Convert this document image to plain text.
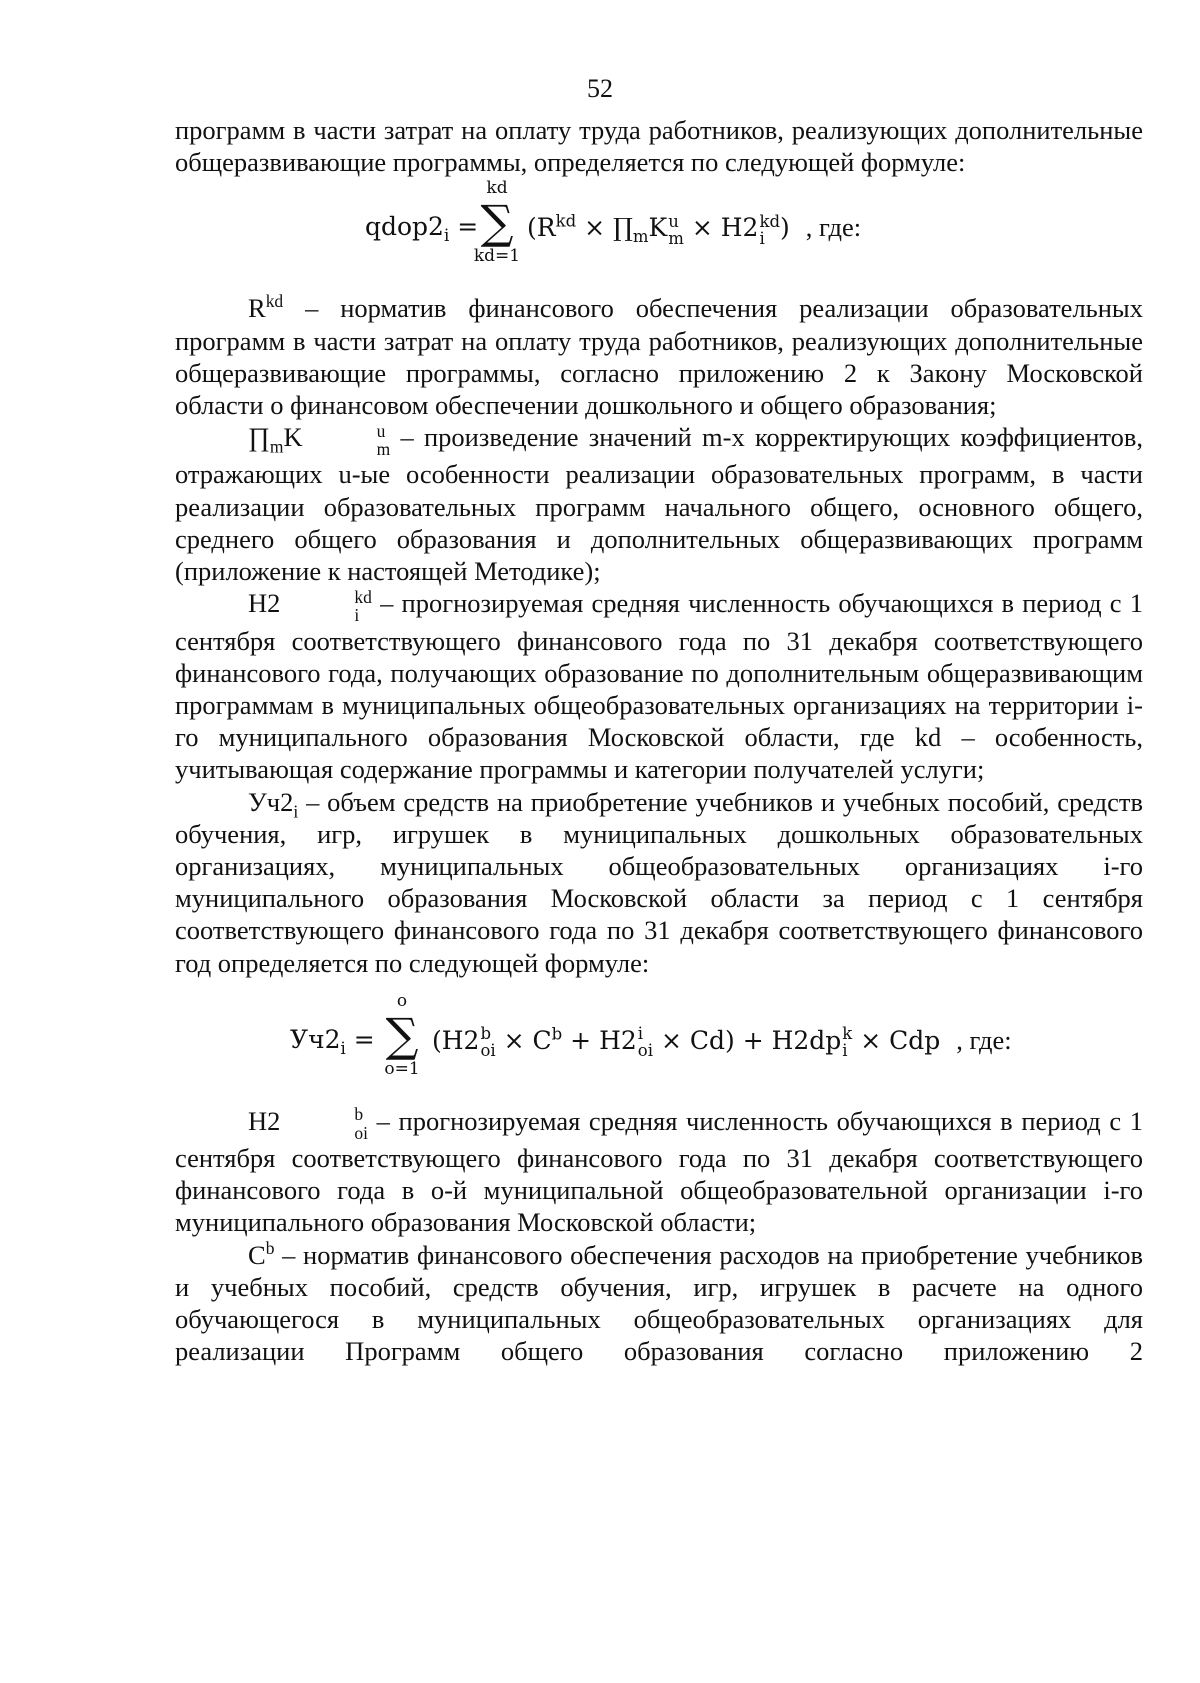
52

программ в части затрат на оплату труда работников, реализующих дополнительные общеразвивающие программы, определяется по следующей формуле:

$qdop2_i$ =
kd
∑
kd=1
($R^{kd}$ × $\prod_mK$ u
m × H2 kd
i ) , где:

$R^{kd}$ – норматив финансового обеспечения реализации образовательных программ в части затрат на оплату труда работников, реализующих дополнительные общеразвивающие программы, согласно приложению 2 к Закону Московской области о финансовом обеспечении дошкольного и общего образования;

$\prod_mK$	u
m – произведение значений m-х корректирующих коэффициентов, отражающих u-ые особенности реализации образовательных программ, в части реализации образовательных программ начального общего, основного общего, среднего общего образования и дополнительных общеразвивающих программ (приложение к настоящей Методике);

H2	kd
i – прогнозируемая средняя численность обучающихся в период с 1 сентября соответствующего финансового года по 31 декабря соответствующего финансового года, получающих образование по дополнительным общеразвивающим программам в муниципальных общеобразовательных организациях на территории i-го муниципального образования Московской области, где kd – особенность, учитывающая содержание программы и категории получателей услуги;

$Уч2_i$ – объем средств на приобретение учебников и учебных пособий, средств обучения, игр, игрушек в муниципальных дошкольных образовательных организациях, муниципальных общеобразовательных организациях i-го муниципального образования Московской области за период с 1 сентября соответствующего финансового года по 31 декабря соответствующего финансового год определяется по следующей формуле:

$Уч2_i$ =
o
∑
o=1
(H2 b
oi × $C^b + H2$ i
oi × Cd) + H2dp k
i × Cdp , где:

H2	b
oi – прогнозируемая средняя численность обучающихся в период с 1 сентября соответствующего финансового года по 31 декабря соответствующего финансового года в о-й муниципальной общеобразовательной организации i-го муниципального образования Московской области;

$C^b$ – норматив финансового обеспечения расходов на приобретение учебников и учебных пособий, средств обучения, игр, игрушек в расчете на одного обучающегося в муниципальных общеобразовательных организациях для реализации Программ общего образования согласно приложению 2
